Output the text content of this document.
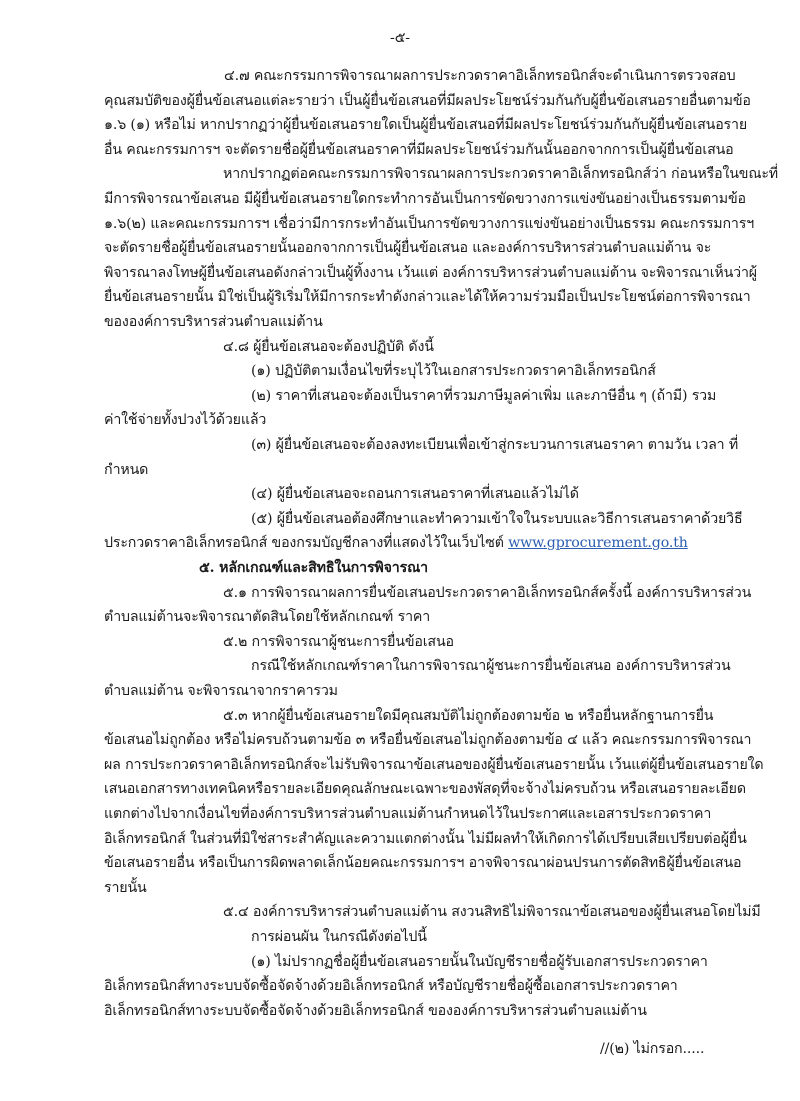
-๕-
๔.๗ คณะกรรมการพิจารณาผลการประกวดราคาอิเล็กทรอนิกส์จะดำเนินการตรวจสอบ
คุณสมบัติของผู้ยื่นข้อเสนอแต่ละรายว่า เป็นผู้ยื่นข้อเสนอที่มีผลประโยชน์ร่วมกันกับผู้ยื่นข้อเสนอรายอื่นตามข้อ
๑.๖ (๑) หรือไม่ หากปรากฏว่าผู้ยื่นข้อเสนอรายใดเป็นผู้ยื่นข้อเสนอที่มีผลประโยชน์ร่วมกันกับผู้ยื่นข้อเสนอราย
อื่น คณะกรรมการฯ จะตัดรายชื่อผู้ยื่นข้อเสนอราคาที่มีผลประโยชน์ร่วมกันนั้นออกจากการเป็นผู้ยื่นข้อเสนอ
หากปรากฏต่อคณะกรรมการพิจารณาผลการประกวดราคาอิเล็กทรอนิกส์ว่า ก่อนหรือในขณะที่
มีการพิจารณาข้อเสนอ มีผู้ยื่นข้อเสนอรายใดกระทำการอันเป็นการขัดขวางการแข่งขันอย่างเป็นธรรมตามข้อ
๑.๖(๒) และคณะกรรมการฯ เชื่อว่ามีการกระทำอันเป็นการขัดขวางการแข่งขันอย่างเป็นธรรม คณะกรรมการฯ
จะตัดรายชื่อผู้ยื่นข้อเสนอรายนั้นออกจากการเป็นผู้ยื่นข้อเสนอ และองค์การบริหารส่วนตำบลแม่ต้าน จะ
พิจารณาลงโทษผู้ยื่นข้อเสนอดังกล่าวเป็นผู้ทิ้งงาน เว้นแต่ องค์การบริหารส่วนตำบลแม่ต้าน จะพิจารณาเห็นว่าผู้
ยื่นข้อเสนอรายนั้น มิใช่เป็นผู้ริเริ่มให้มีการกระทำดังกล่าวและได้ให้ความร่วมมือเป็นประโยชน์ต่อการพิจารณา
ขององค์การบริหารส่วนตำบลแม่ต้าน
๔.๘ ผู้ยื่นข้อเสนอจะต้องปฏิบัติ ดังนี้
(๑) ปฏิบัติตามเงื่อนไขที่ระบุไว้ในเอกสารประกวดราคาอิเล็กทรอนิกส์
(๒) ราคาที่เสนอจะต้องเป็นราคาที่รวมภาษีมูลค่าเพิ่ม และภาษีอื่น ๆ (ถ้ามี) รวม
ค่าใช้จ่ายทั้งปวงไว้ด้วยแล้ว
(๓) ผู้ยื่นข้อเสนอจะต้องลงทะเบียนเพื่อเข้าสู่กระบวนการเสนอราคา ตามวัน เวลา ที่
กำหนด
(๔) ผู้ยื่นข้อเสนอจะถอนการเสนอราคาที่เสนอแล้วไม่ได้
(๕) ผู้ยื่นข้อเสนอต้องศึกษาและทำความเข้าใจในระบบและวิธีการเสนอราคาด้วยวิธี
ประกวดราคาอิเล็กทรอนิกส์ ของกรมบัญชีกลางที่แสดงไว้ในเว็บไซต์ www.gprocurement.go.th
๕. หลักเกณฑ์และสิทธิในการพิจารณา
๕.๑ การพิจารณาผลการยื่นข้อเสนอประกวดราคาอิเล็กทรอนิกส์ครั้งนี้ องค์การบริหารส่วน
ตำบลแม่ต้านจะพิจารณาตัดสินโดยใช้หลักเกณฑ์ ราคา
๕.๒ การพิจารณาผู้ชนะการยื่นข้อเสนอ
กรณีใช้หลักเกณฑ์ราคาในการพิจารณาผู้ชนะการยื่นข้อเสนอ องค์การบริหารส่วน
ตำบลแม่ต้าน จะพิจารณาจากราคารวม
๕.๓ หากผู้ยื่นข้อเสนอรายใดมีคุณสมบัติไม่ถูกต้องตามข้อ ๒ หรือยื่นหลักฐานการยื่น
ข้อเสนอไม่ถูกต้อง หรือไม่ครบถ้วนตามข้อ ๓ หรือยื่นข้อเสนอไม่ถูกต้องตามข้อ ๔ แล้ว คณะกรรมการพิจารณา
ผล การประกวดราคาอิเล็กทรอนิกส์จะไม่รับพิจารณาข้อเสนอของผู้ยื่นข้อเสนอรายนั้น เว้นแต่ผู้ยื่นข้อเสนอรายใด
เสนอเอกสารทางเทคนิคหรือรายละเอียดคุณลักษณะเฉพาะของพัสดุที่จะจ้างไม่ครบถ้วน หรือเสนอรายละเอียด
แตกต่างไปจากเงื่อนไขที่องค์การบริหารส่วนตำบลแม่ต้านกำหนดไว้ในประกาศและเอสารประกวดราคา
อิเล็กทรอนิกส์ ในส่วนที่มิใช่สาระสำคัญและความแตกต่างนั้น ไม่มีผลทำให้เกิดการได้เปรียบเสียเปรียบต่อผู้ยื่น
ข้อเสนอรายอื่น หรือเป็นการผิดพลาดเล็กน้อยคณะกรรมการฯ อาจพิจารณาผ่อนปรนการตัดสิทธิผู้ยื่นข้อเสนอ
รายนั้น
๕.๔ องค์การบริหารส่วนตำบลแม่ต้าน สงวนสิทธิไม่พิจารณาข้อเสนอของผู้ยื่นเสนอโดยไม่มี
การผ่อนผัน ในกรณีดังต่อไปนี้
(๑) ไม่ปรากฏชื่อผู้ยื่นข้อเสนอรายนั้นในบัญชีรายชื่อผู้รับเอกสารประกวดราคา
อิเล็กทรอนิกส์ทางระบบจัดซื้อจัดจ้างด้วยอิเล็กทรอนิกส์ หรือบัญชีรายชื่อผู้ซื้อเอกสารประกวดราคา
อิเล็กทรอนิกส์ทางระบบจัดซื้อจัดจ้างด้วยอิเล็กทรอนิกส์ ขององค์การบริหารส่วนตำบลแม่ต้าน
//(๒) ไม่กรอก.....
